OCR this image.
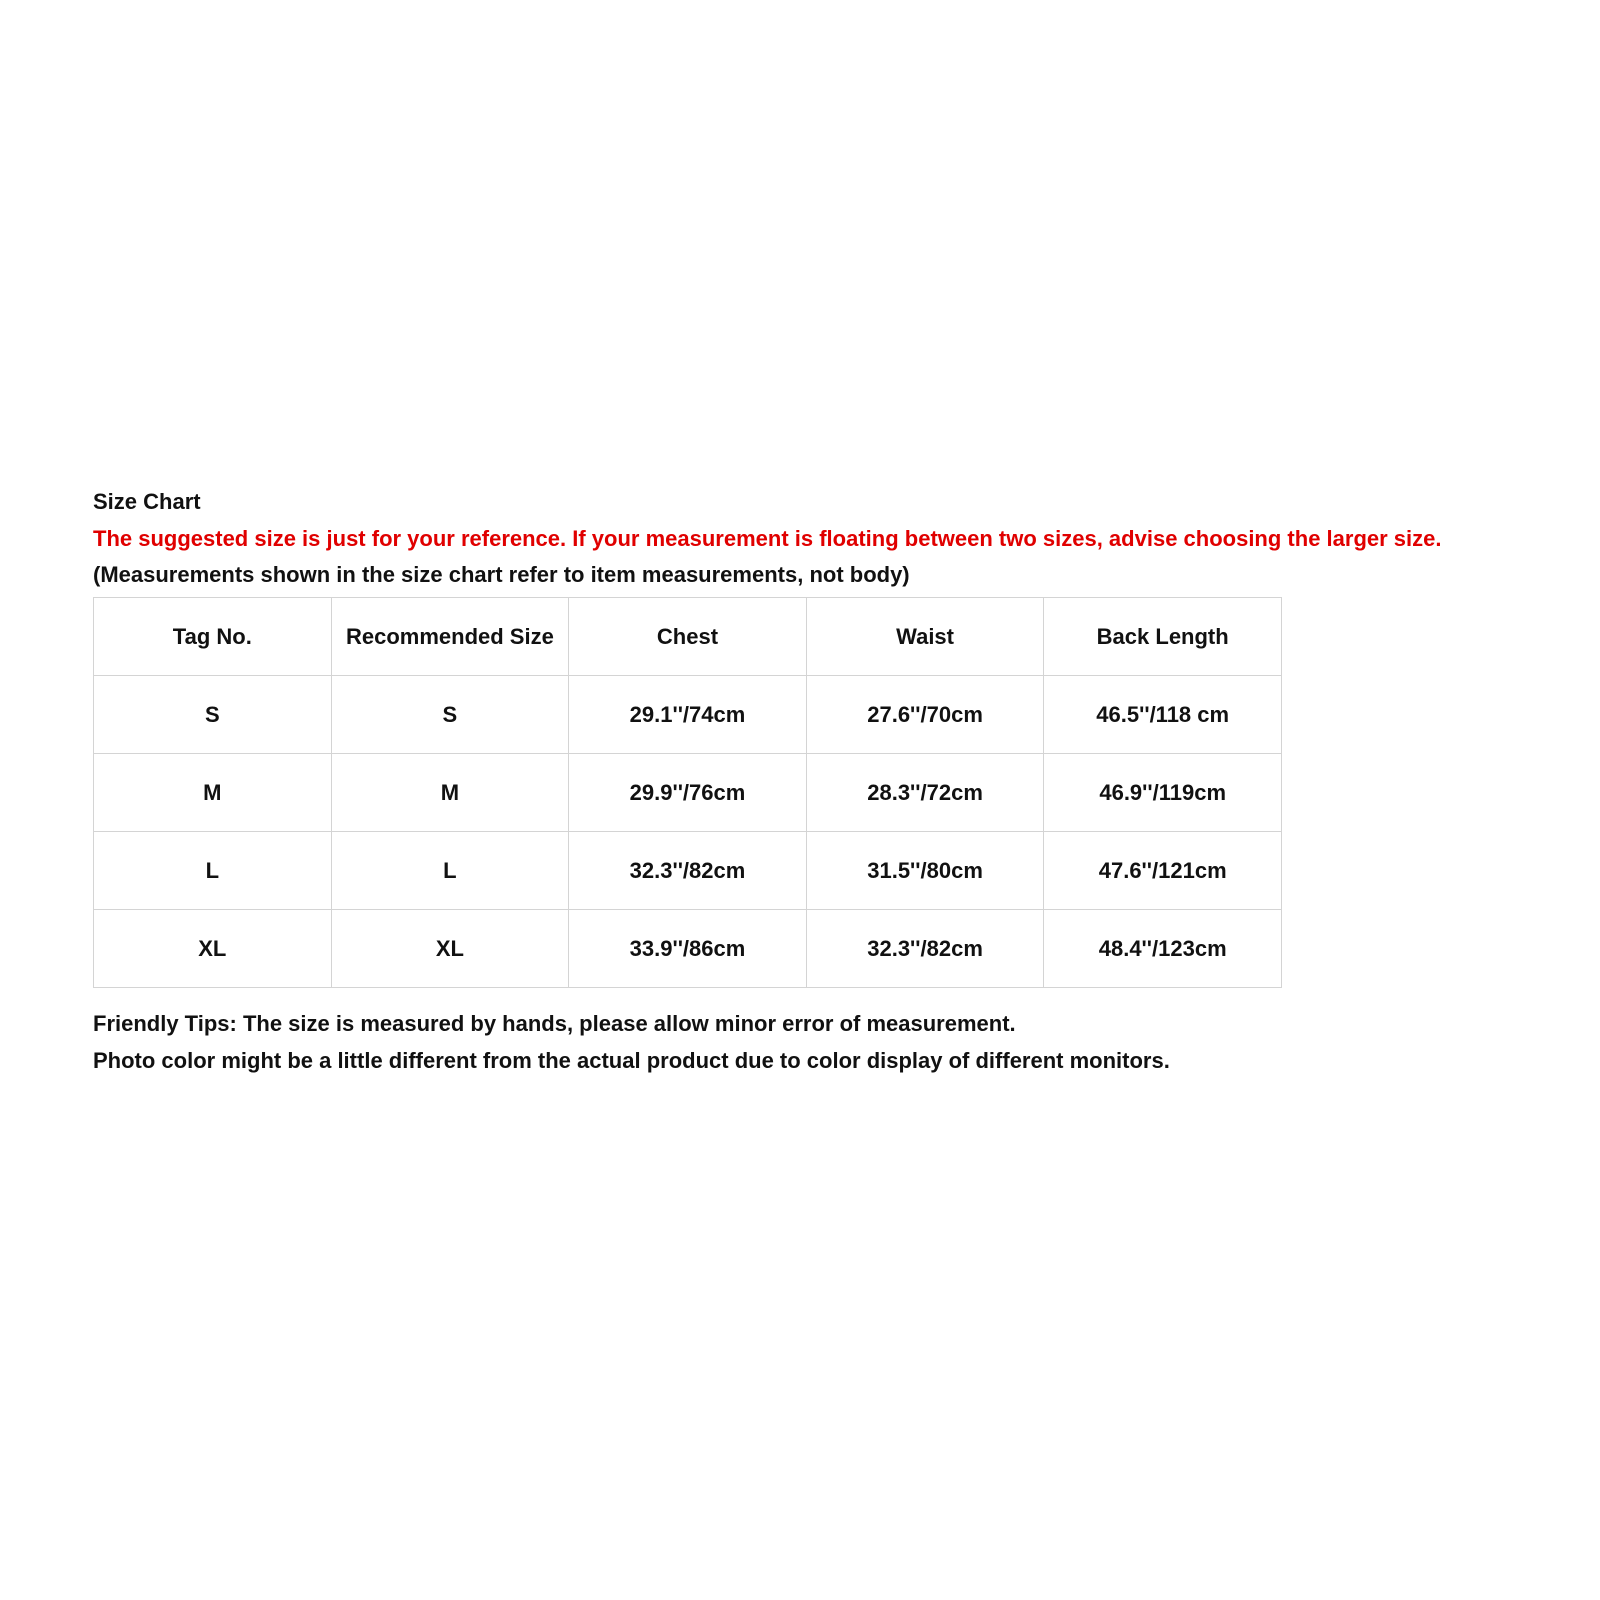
Size Chart
The suggested size is just for your reference. If your measurement is floating between two sizes, advise choosing the larger size.
(Measurements shown in the size chart refer to item measurements, not body)
Tag No.	Recommended Size	Chest	Waist	Back Length
S	S	29.1''/74cm	27.6''/70cm	46.5''/118 cm
M	M	29.9''/76cm	28.3''/72cm	46.9''/119cm
L	L	32.3''/82cm	31.5''/80cm	47.6''/121cm
XL	XL	33.9''/86cm	32.3''/82cm	48.4''/123cm
Friendly Tips: The size is measured by hands, please allow minor error of measurement.
Photo color might be a little different from the actual product due to color display of different monitors.
